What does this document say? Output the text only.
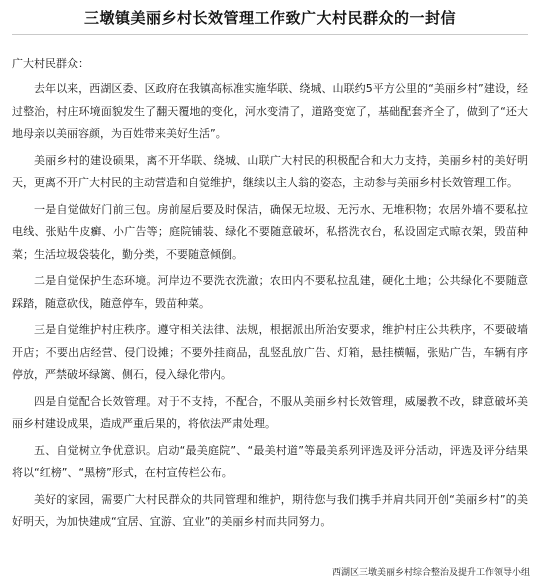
三墩镇美丽乡村长效管理工作致广大村民群众的一封信

广大村民群众：

去年以来，西湖区委、区政府在我镇高标准实施华联、绕城、山联约5平方公里的“美丽乡村”建设，经过整治，村庄环境面貌发生了翻天覆地的变化，河水变清了，道路变宽了，基础配套齐全了，做到了“还大地母亲以美丽容颜，为百姓带来美好生活”。

美丽乡村的建设硕果，离不开华联、绕城、山联广大村民的积极配合和大力支持，美丽乡村的美好明天，更离不开广大村民的主动营造和自觉维护，继续以主人翁的姿态，主动参与美丽乡村长效管理工作。

一是自觉做好门前三包。房前屋后要及时保洁，确保无垃圾、无污水、无堆积物；农居外墙不要私拉电线、张贴牛皮癣、小广告等；庭院铺装、绿化不要随意破坏，私搭洗衣台，私设固定式晾衣架，毁苗种菜；生活垃圾袋装化，勤分类，不要随意倾倒。

二是自觉保护生态环境。河岸边不要洗衣洗澈；农田内不要私拉乱建，硬化土地；公共绿化不要随意踩踏，随意砍伐，随意停车，毁苗种菜。

三是自觉维护村庄秩序。遵守相关法律、法规，根据派出所治安要求，维护村庄公共秩序，不要破墙开店；不要出店经营、侵门设摊；不要外挂商品，乱竖乱放广告、灯箱，悬挂横幅，张贴广告，车辆有序停放，严禁破坏绿篱、侧石，侵入绿化带内。

四是自觉配合长效管理。对于不支持，不配合，不服从美丽乡村长效管理，威屡教不改，肆意破坏美丽乡村建设成果，造成严重后果的，将依法严肃处理。

五、自觉树立争优意识。启动“最美庭院”、“最美村道”等最美系列评选及评分活动，评选及评分结果将以“红榜”、“黑榜”形式，在村宣传栏公布。

美好的家园，需要广大村民群众的共同管理和维护，期待您与我们携手并肩共同开创“美丽乡村”的美好明天，为加快建成“宜居、宜游、宜业”的美丽乡村而共同努力。

西湖区三墩美丽乡村综合整治及提升工作领导小组
